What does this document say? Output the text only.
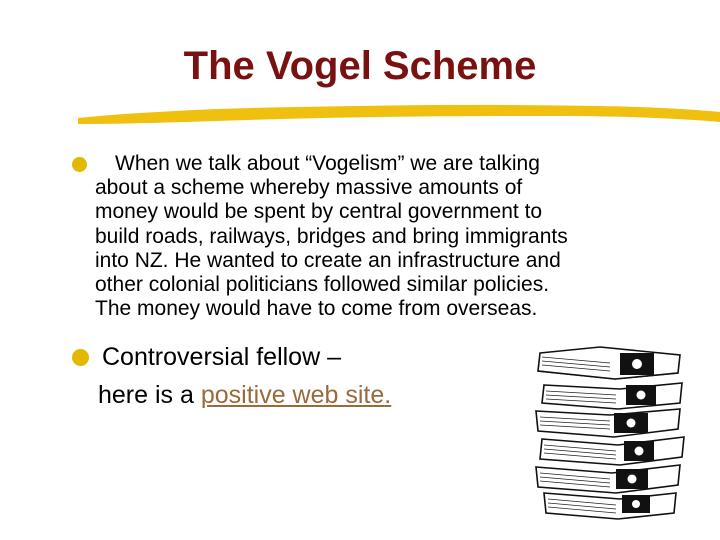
The Vogel Scheme
When we talk about “Vogelism” we are talking
about a scheme whereby massive amounts of
money would be spent by central government to
build roads, railways, bridges and bring immigrants
into NZ. He wanted to create an infrastructure and
other colonial politicians followed similar policies.
The money would have to come from overseas.
Controversial fellow –
here is a positive web site.
